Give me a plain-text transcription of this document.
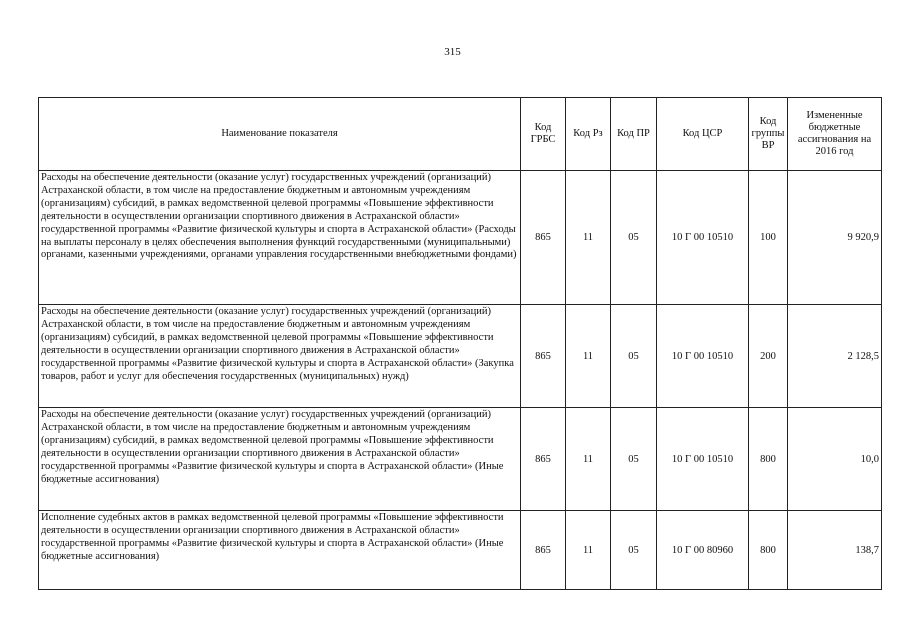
315
Наименование показателя	Код ГРБС	Код Рз	Код ПР	Код ЦСР	Код группы ВР	Измененные бюджетные ассигнования на 2016 год
Расходы на обеспечение деятельности (оказание услуг) государственных учреждений (организаций) Астраханской области, в том числе на предоставление бюджетным и автономным учреждениям (организациям) субсидий, в рамках ведомственной целевой программы «Повышение эффективности деятельности в осуществлении организации спортивного движения в Астраханской области» государственной программы «Развитие физической культуры и спорта в Астраханской области» (Расходы на выплаты персоналу в целях обеспечения выполнения функций государственными (муниципальными) органами, казенными учреждениями, органами управления государственными внебюджетными фондами)	865	11	05	10 Г 00 10510	100	9 920,9
Расходы на обеспечение деятельности (оказание услуг) государственных учреждений (организаций) Астраханской области, в том числе на предоставление бюджетным и автономным учреждениям (организациям) субсидий, в рамках ведомственной целевой программы «Повышение эффективности деятельности в осуществлении организации спортивного движения в Астраханской области» государственной программы «Развитие физической культуры и спорта в Астраханской области» (Закупка товаров, работ и услуг для обеспечения государственных (муниципальных) нужд)	865	11	05	10 Г 00 10510	200	2 128,5
Расходы на обеспечение деятельности (оказание услуг) государственных учреждений (организаций) Астраханской области, в том числе на предоставление бюджетным и автономным учреждениям (организациям) субсидий, в рамках ведомственной целевой программы «Повышение эффективности деятельности в осуществлении организации спортивного движения в Астраханской области» государственной программы «Развитие физической культуры и спорта в Астраханской области» (Иные бюджетные ассигнования)	865	11	05	10 Г 00 10510	800	10,0
Исполнение судебных актов в рамках ведомственной целевой программы «Повышение эффективности деятельности в осуществлении организации спортивного движения в Астраханской области» государственной программы «Развитие физической культуры и спорта в Астраханской области» (Иные бюджетные ассигнования)	865	11	05	10 Г 00 80960	800	138,7
